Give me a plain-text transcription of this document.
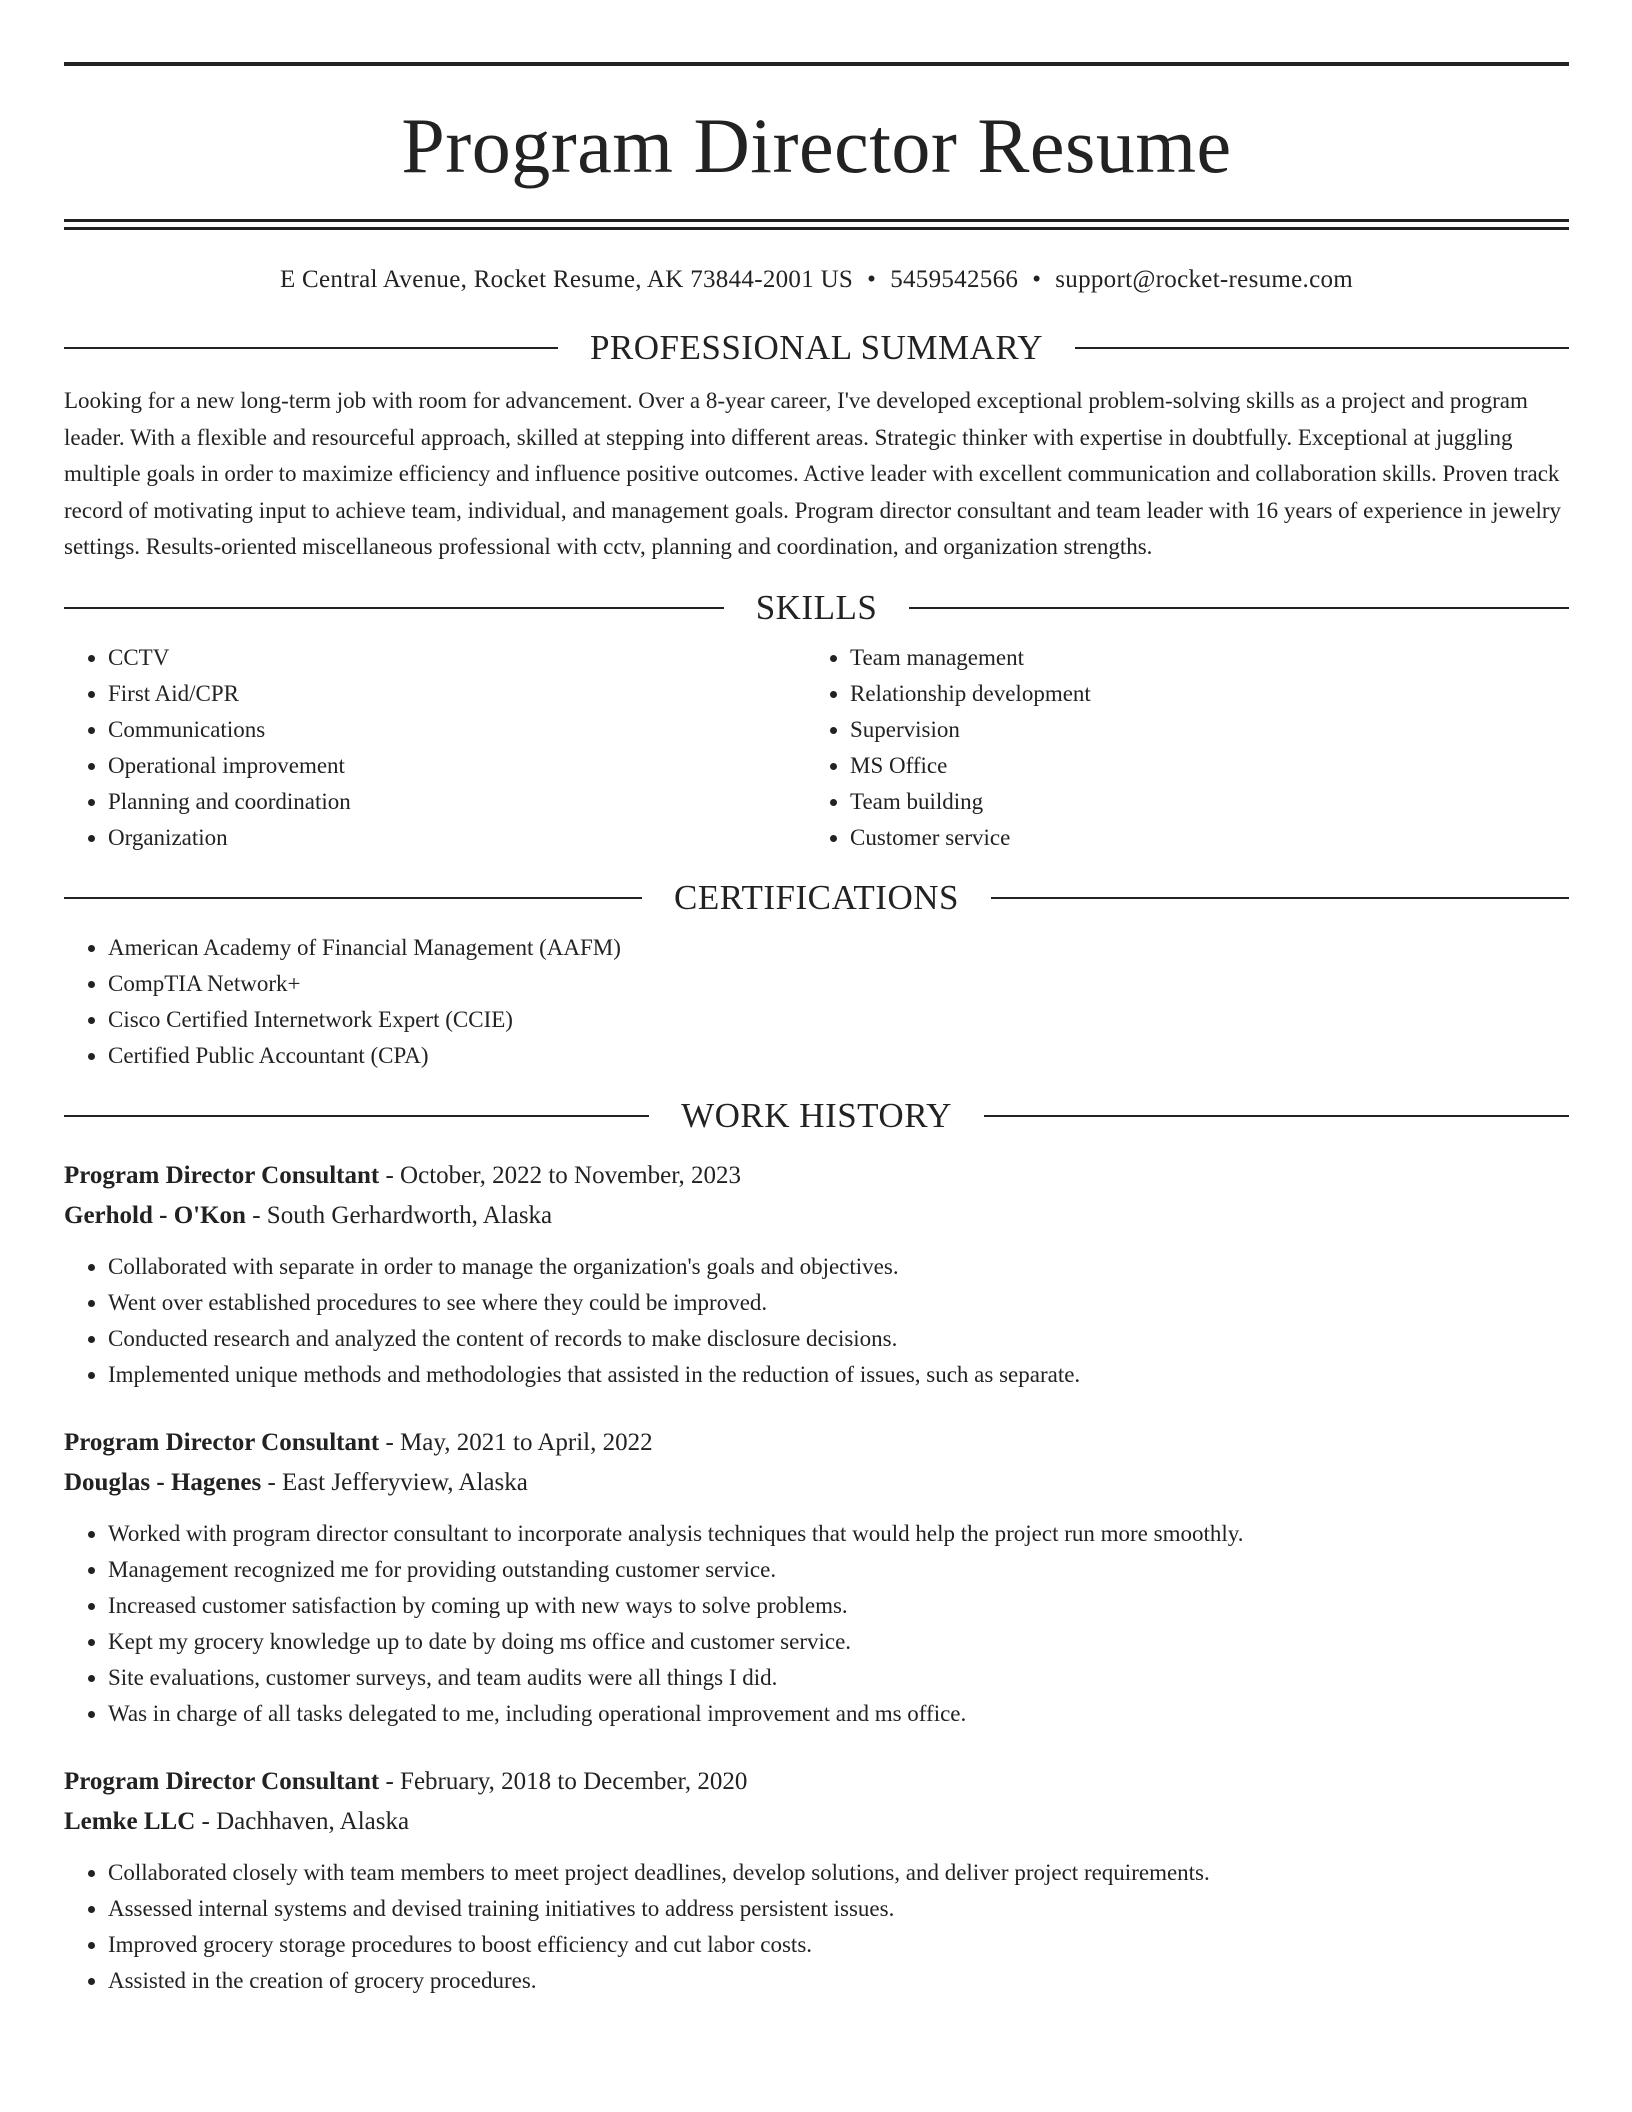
Program Director Resume
E Central Avenue, Rocket Resume, AK 73844-2001 US • 5459542566 • support@rocket-resume.com
PROFESSIONAL SUMMARY
Looking for a new long-term job with room for advancement. Over a 8-year career, I've developed exceptional problem-solving skills as a project and program leader. With a flexible and resourceful approach, skilled at stepping into different areas. Strategic thinker with expertise in doubtfully. Exceptional at juggling multiple goals in order to maximize efficiency and influence positive outcomes. Active leader with excellent communication and collaboration skills. Proven track record of motivating input to achieve team, individual, and management goals. Program director consultant and team leader with 16 years of experience in jewelry settings. Results-oriented miscellaneous professional with cctv, planning and coordination, and organization strengths.
SKILLS
• CCTV
• First Aid/CPR
• Communications
• Operational improvement
• Planning and coordination
• Organization
• Team management
• Relationship development
• Supervision
• MS Office
• Team building
• Customer service
CERTIFICATIONS
• American Academy of Financial Management (AAFM)
• CompTIA Network+
• Cisco Certified Internetwork Expert (CCIE)
• Certified Public Accountant (CPA)
WORK HISTORY
Program Director Consultant - October, 2022 to November, 2023
Gerhold - O'Kon - South Gerhardworth, Alaska
• Collaborated with separate in order to manage the organization's goals and objectives.
• Went over established procedures to see where they could be improved.
• Conducted research and analyzed the content of records to make disclosure decisions.
• Implemented unique methods and methodologies that assisted in the reduction of issues, such as separate.
Program Director Consultant - May, 2021 to April, 2022
Douglas - Hagenes - East Jefferyview, Alaska
• Worked with program director consultant to incorporate analysis techniques that would help the project run more smoothly.
• Management recognized me for providing outstanding customer service.
• Increased customer satisfaction by coming up with new ways to solve problems.
• Kept my grocery knowledge up to date by doing ms office and customer service.
• Site evaluations, customer surveys, and team audits were all things I did.
• Was in charge of all tasks delegated to me, including operational improvement and ms office.
Program Director Consultant - February, 2018 to December, 2020
Lemke LLC - Dachhaven, Alaska
• Collaborated closely with team members to meet project deadlines, develop solutions, and deliver project requirements.
• Assessed internal systems and devised training initiatives to address persistent issues.
• Improved grocery storage procedures to boost efficiency and cut labor costs.
• Assisted in the creation of grocery procedures.
